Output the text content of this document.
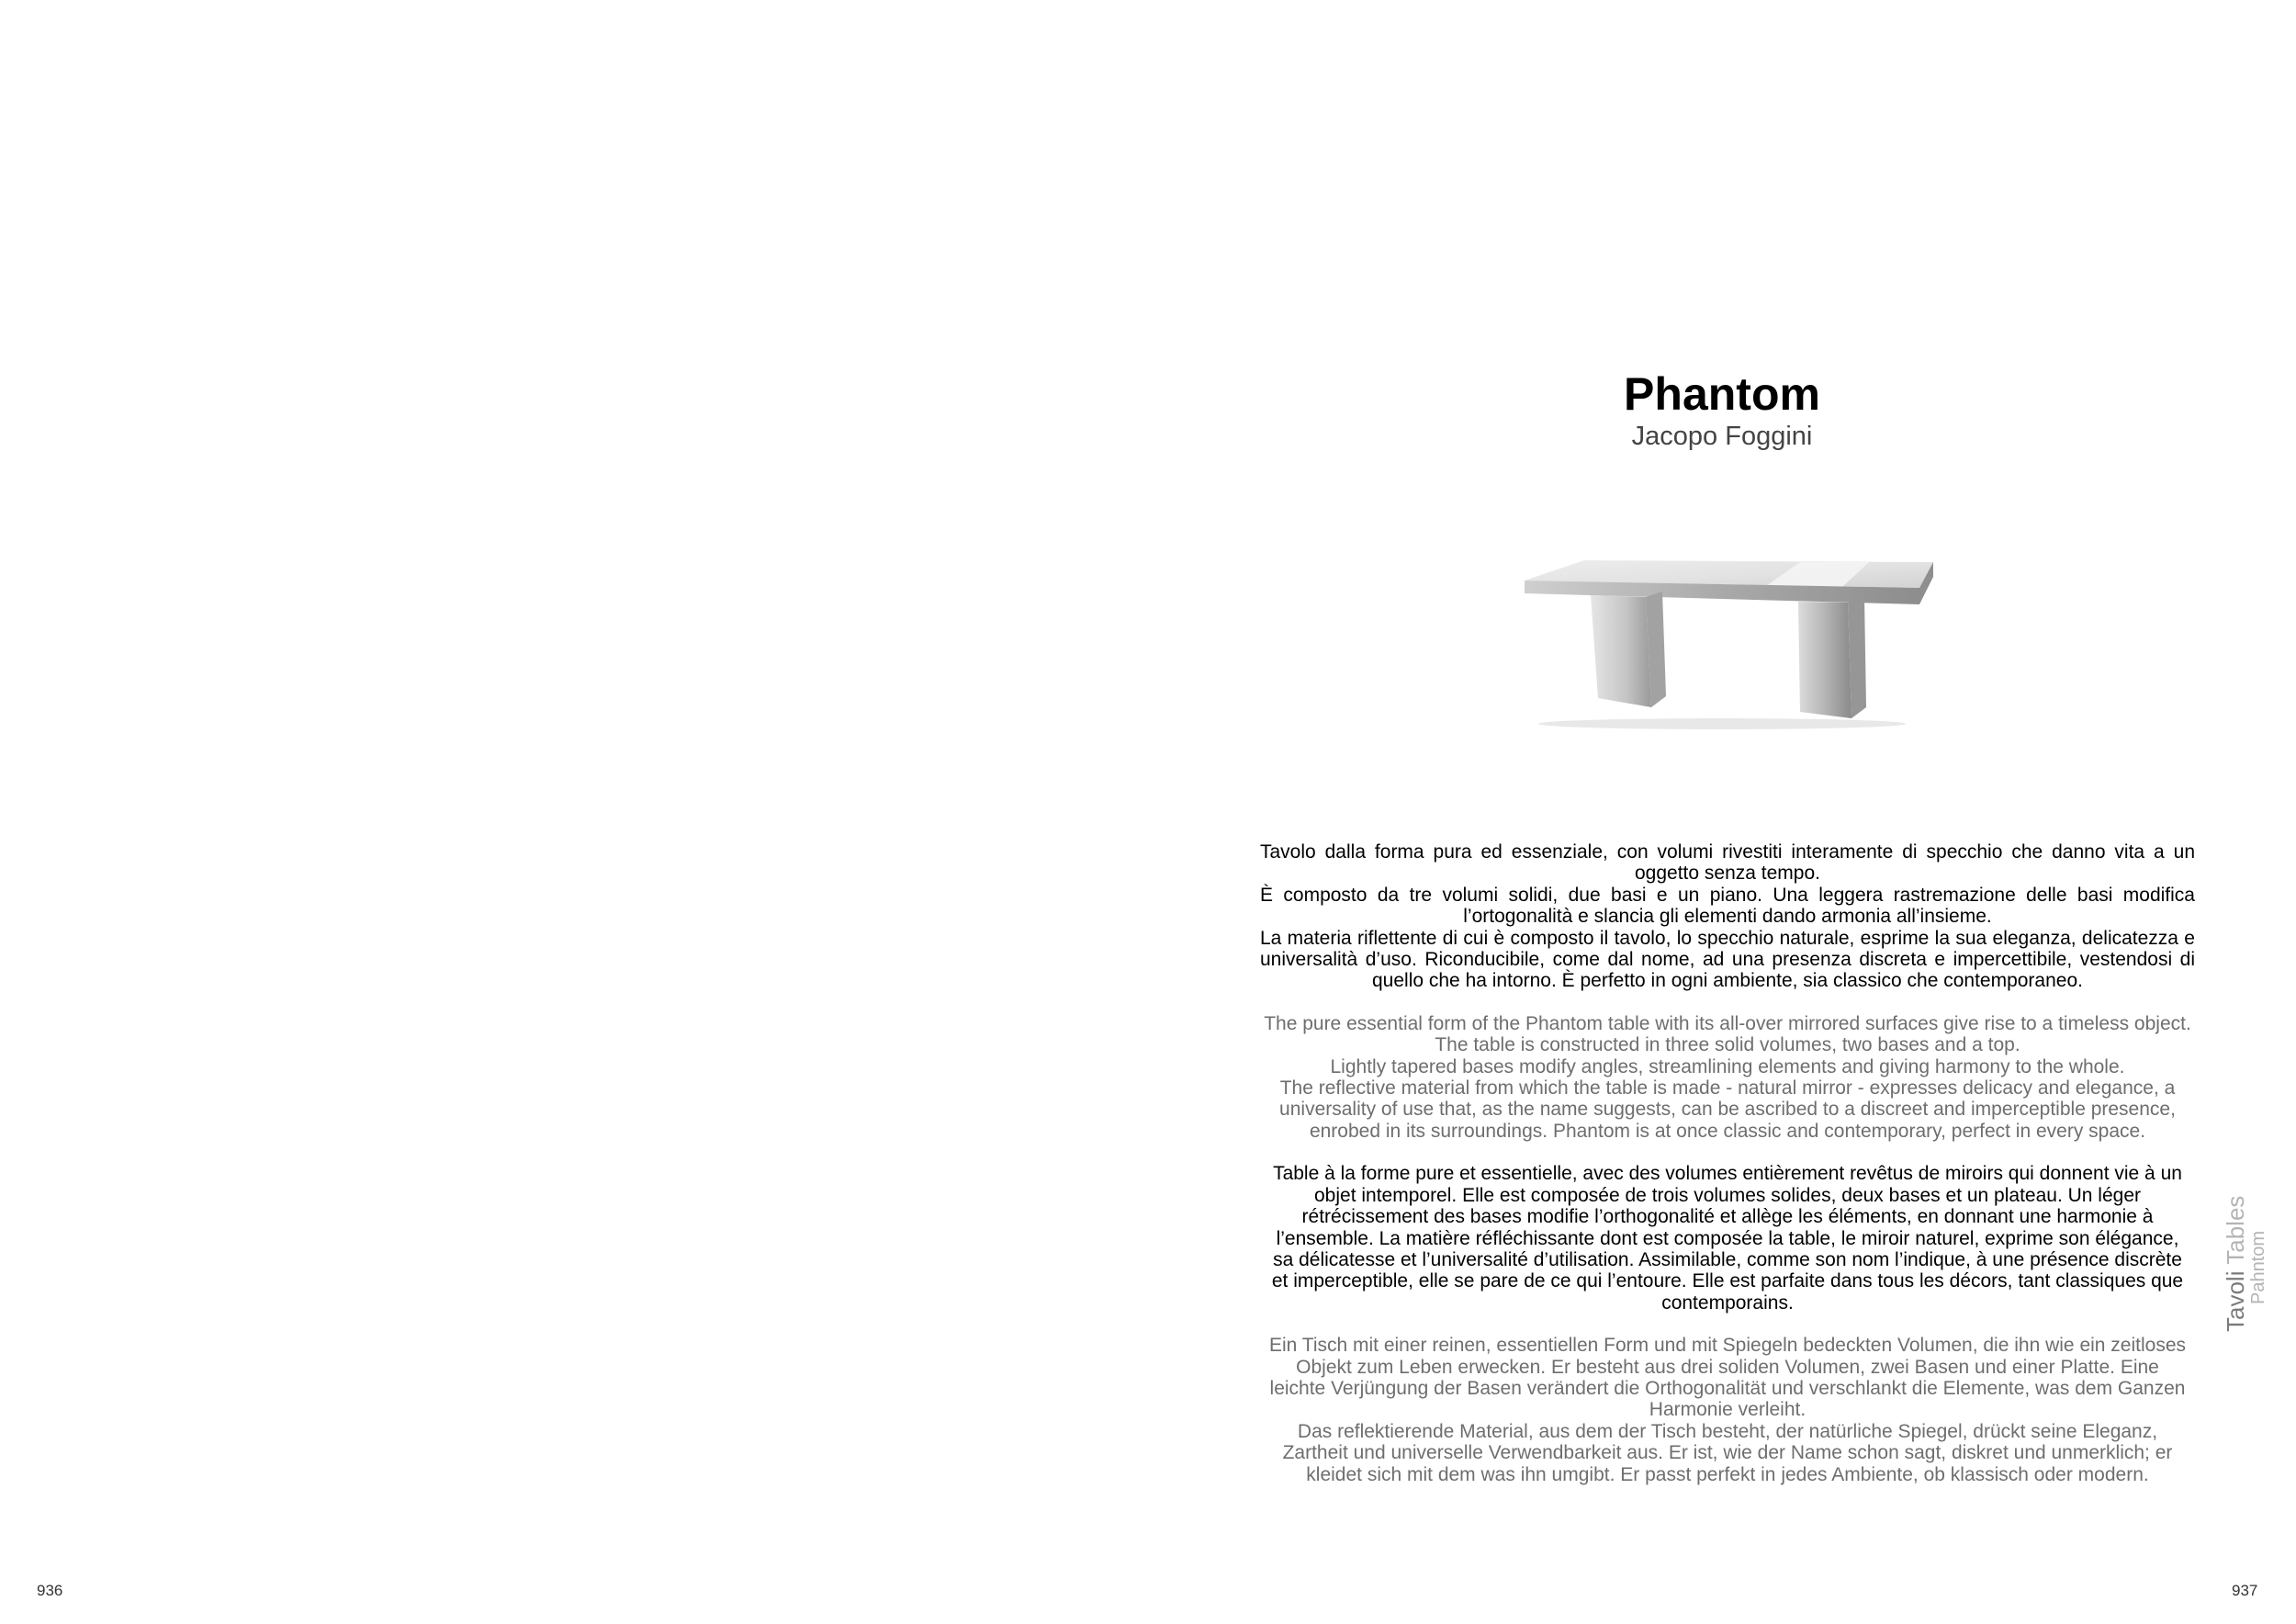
Phantom
Jacopo Foggini

Tavolo dalla forma pura ed essenziale, con volumi rivestiti interamente di specchio che danno vita a un oggetto senza tempo.
È composto da tre volumi solidi, due basi e un piano. Una leggera rastremazione delle basi modifica l’ortogonalità e slancia gli elementi dando armonia all’insieme.
La materia riflettente di cui è composto il tavolo, lo specchio naturale, esprime la sua eleganza, delicatezza e universalità d’uso. Riconducibile, come dal nome, ad una presenza discreta e impercettibile, vestendosi di quello che ha intorno. È perfetto in ogni ambiente, sia classico che contemporaneo.

The pure essential form of the Phantom table with its all-over mirrored surfaces give rise to a timeless object.
The table is constructed in three solid volumes, two bases and a top.
Lightly tapered bases modify angles, streamlining elements and giving harmony to the whole.
The reflective material from which the table is made - natural mirror - expresses delicacy and elegance, a universality of use that, as the name suggests, can be ascribed to a discreet and imperceptible presence, enrobed in its surroundings. Phantom is at once classic and contemporary, perfect in every space.

Table à la forme pure et essentielle, avec des volumes entièrement revêtus de miroirs qui donnent vie à un objet intemporel. Elle est composée de trois volumes solides, deux bases et un plateau. Un léger rétrécissement des bases modifie l’orthogonalité et allège les éléments, en donnant une harmonie à l’ensemble. La matière réfléchissante dont est composée la table, le miroir naturel, exprime son élégance, sa délicatesse et l’universalité d’utilisation. Assimilable, comme son nom l’indique, à une présence discrète et imperceptible, elle se pare de ce qui l’entoure. Elle est parfaite dans tous les décors, tant classiques que contemporains.

Ein Tisch mit einer reinen, essentiellen Form und mit Spiegeln bedeckten Volumen, die ihn wie ein zeitloses Objekt zum Leben erwecken. Er besteht aus drei soliden Volumen, zwei Basen und einer Platte. Eine leichte Verjüngung der Basen verändert die Orthogonalität und verschlankt die Elemente, was dem Ganzen Harmonie verleiht.
Das reflektierende Material, aus dem der Tisch besteht, der natürliche Spiegel, drückt seine Eleganz, Zartheit und universelle Verwendbarkeit aus. Er ist, wie der Name schon sagt, diskret und unmerklich; er kleidet sich mit dem was ihn umgibt. Er passt perfekt in jedes Ambiente, ob klassisch oder modern.

Tavoli Tables
Pahntom
936	937
